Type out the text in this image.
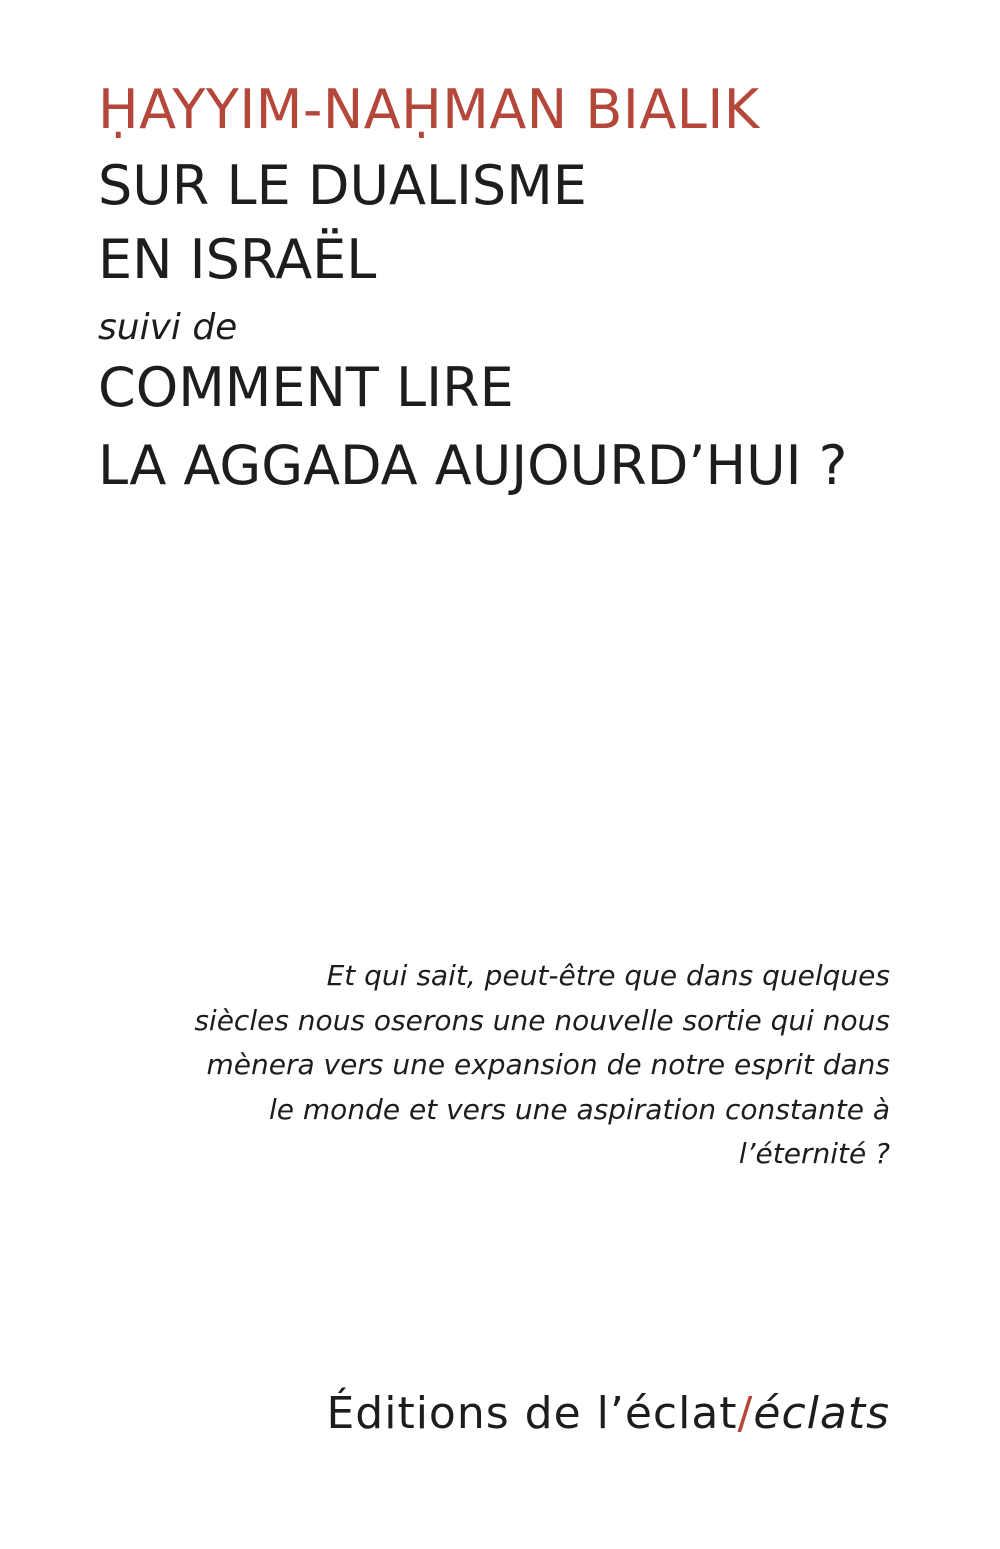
ḤAYYIM-NAḤMAN BIALIK
SUR LE DUALISME
EN ISRAËL
suivi de
COMMENT LIRE
LA AGGADA AUJOURD’HUI ?
Et qui sait, peut-être que dans quelques
siècles nous oserons une nouvelle sortie qui nous
mènera vers une expansion de notre esprit dans
le monde et vers une aspiration constante à
l’éternité ?
Éditions de l’éclat/éclats
